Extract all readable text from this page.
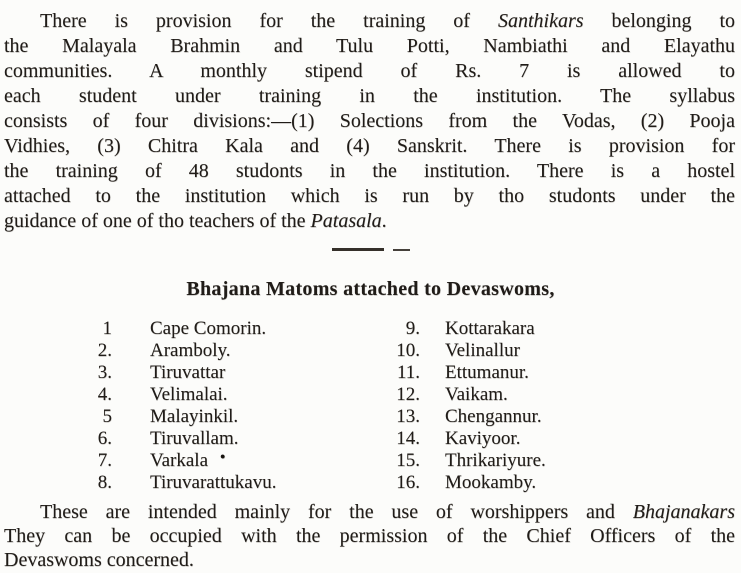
There is provision for the training of Santhikars belonging to
the Malayala Brahmin and Tulu Potti, Nambiathi and Elayathu
communities. A monthly stipend of Rs. 7 is allowed to
each student under training in the institution. The syllabus
consists of four divisions:—(1) Solections from the Vodas, (2) Pooja
Vidhies, (3) Chitra Kala and (4) Sanskrit. There is provision for
the training of 48 studonts in the institution. There is a hostel
attached to the institution which is run by tho studonts under the
guidance of one of tho teachers of the Patasala.
Bhajana Matoms attached to Devaswoms,
1 Cape Comorin.
2. Aramboly.
3. Tiruvattar
4. Velimalai.
5 Malayinkil.
6. Tiruvallam.
7. Varkala ●
8. Tiruvarattukavu.
9. Kottarakara
10. Velinallur
11. Ettumanur.
12. Vaikam.
13. Chengannur.
14. Kaviyoor.
15. Thrikariyure.
16. Mookamby.
These are intended mainly for the use of worshippers and Bhajanakars
They can be occupied with the permission of the Chief Officers of the
Devaswoms concerned.
